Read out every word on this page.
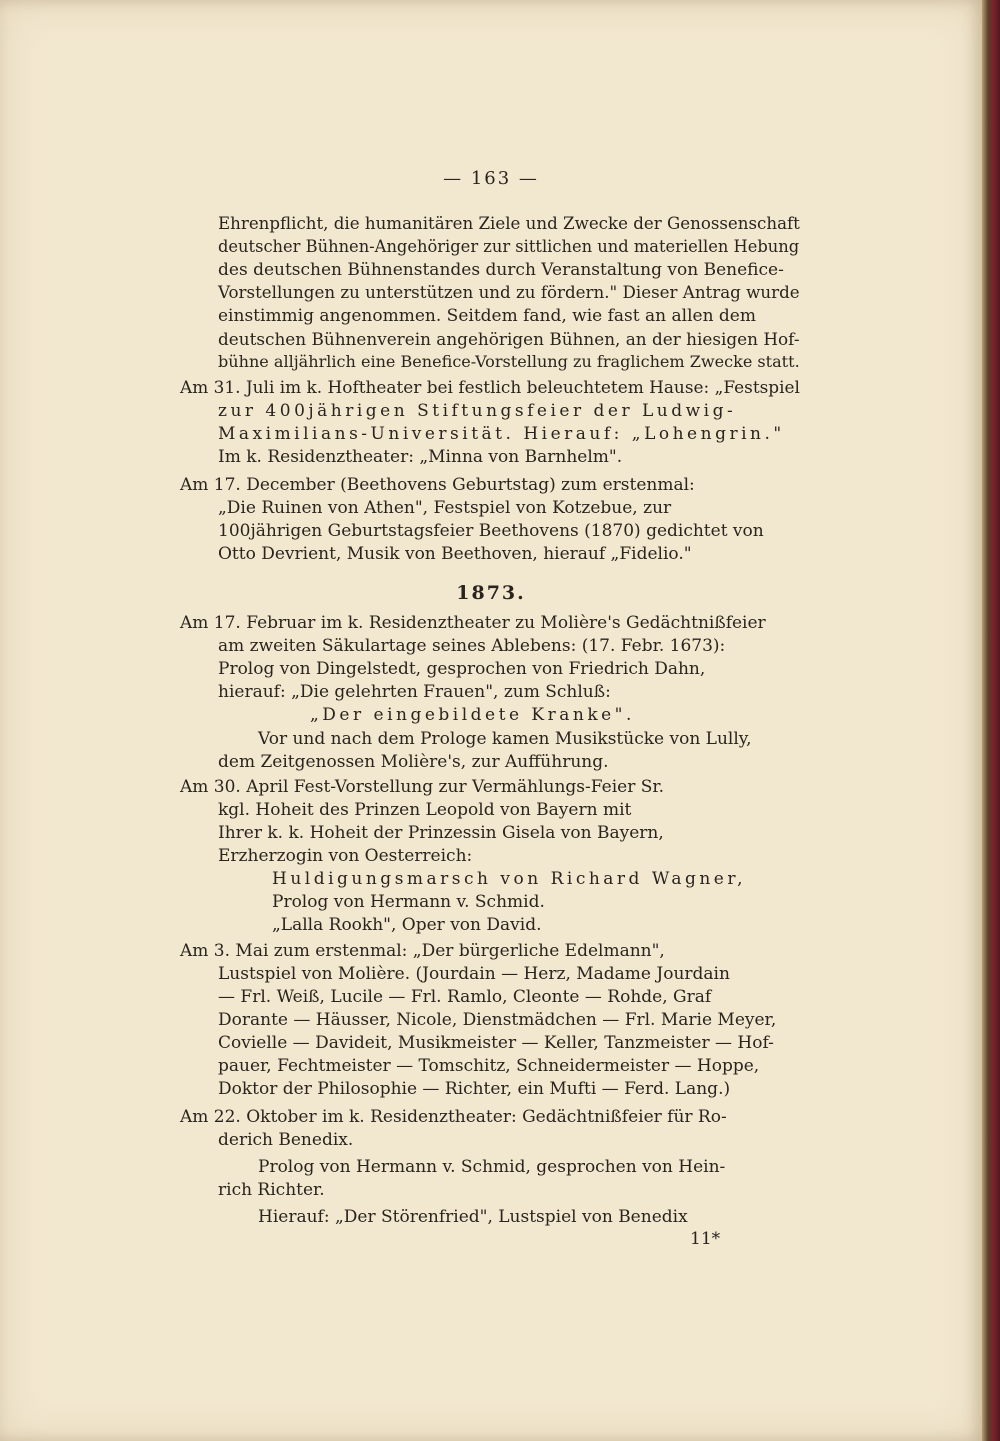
— 163 —
Ehrenpflicht, die humanitären Ziele und Zwecke der Genossenschaft
deutscher Bühnen-Angehöriger zur sittlichen und materiellen Hebung
des deutschen Bühnenstandes durch Veranstaltung von Benefice-
Vorstellungen zu unterstützen und zu fördern." Dieser Antrag wurde
einstimmig angenommen. Seitdem fand, wie fast an allen dem
deutschen Bühnenverein angehörigen Bühnen, an der hiesigen Hof-
bühne alljährlich eine Benefice-Vorstellung zu fraglichem Zwecke statt.
Am 31. Juli im k. Hoftheater bei festlich beleuchtetem Hause: „Festspiel
zur 400jährigen Stiftungsfeier der Ludwig-
Maximilians-Universität. Hierauf: „Lohengrin."
Im k. Residenztheater: „Minna von Barnhelm".
Am 17. December (Beethovens Geburtstag) zum erstenmal:
„Die Ruinen von Athen", Festspiel von Kotzebue, zur
100jährigen Geburtstagsfeier Beethovens (1870) gedichtet von
Otto Devrient, Musik von Beethoven, hierauf „Fidelio."
1873.
Am 17. Februar im k. Residenztheater zu Molière's Gedächtnißfeier
am zweiten Säkulartage seines Ablebens: (17. Febr. 1673):
Prolog von Dingelstedt, gesprochen von Friedrich Dahn,
hierauf: „Die gelehrten Frauen", zum Schluß:
„Der eingebildete Kranke".
Vor und nach dem Prologe kamen Musikstücke von Lully,
dem Zeitgenossen Molière's, zur Aufführung.
Am 30. April Fest-Vorstellung zur Vermählungs-Feier Sr.
kgl. Hoheit des Prinzen Leopold von Bayern mit
Ihrer k. k. Hoheit der Prinzessin Gisela von Bayern,
Erzherzogin von Oesterreich:
Huldigungsmarsch von Richard Wagner,
Prolog von Hermann v. Schmid.
„Lalla Rookh", Oper von David.
Am 3. Mai zum erstenmal: „Der bürgerliche Edelmann",
Lustspiel von Molière. (Jourdain — Herz, Madame Jourdain
— Frl. Weiß, Lucile — Frl. Ramlo, Cleonte — Rohde, Graf
Dorante — Häusser, Nicole, Dienstmädchen — Frl. Marie Meyer,
Covielle — Davideit, Musikmeister — Keller, Tanzmeister — Hof-
pauer, Fechtmeister — Tomschitz, Schneidermeister — Hoppe,
Doktor der Philosophie — Richter, ein Mufti — Ferd. Lang.)
Am 22. Oktober im k. Residenztheater: Gedächtnißfeier für Ro-
derich Benedix.
Prolog von Hermann v. Schmid, gesprochen von Hein-
rich Richter.
Hierauf: „Der Störenfried", Lustspiel von Benedix
11*
